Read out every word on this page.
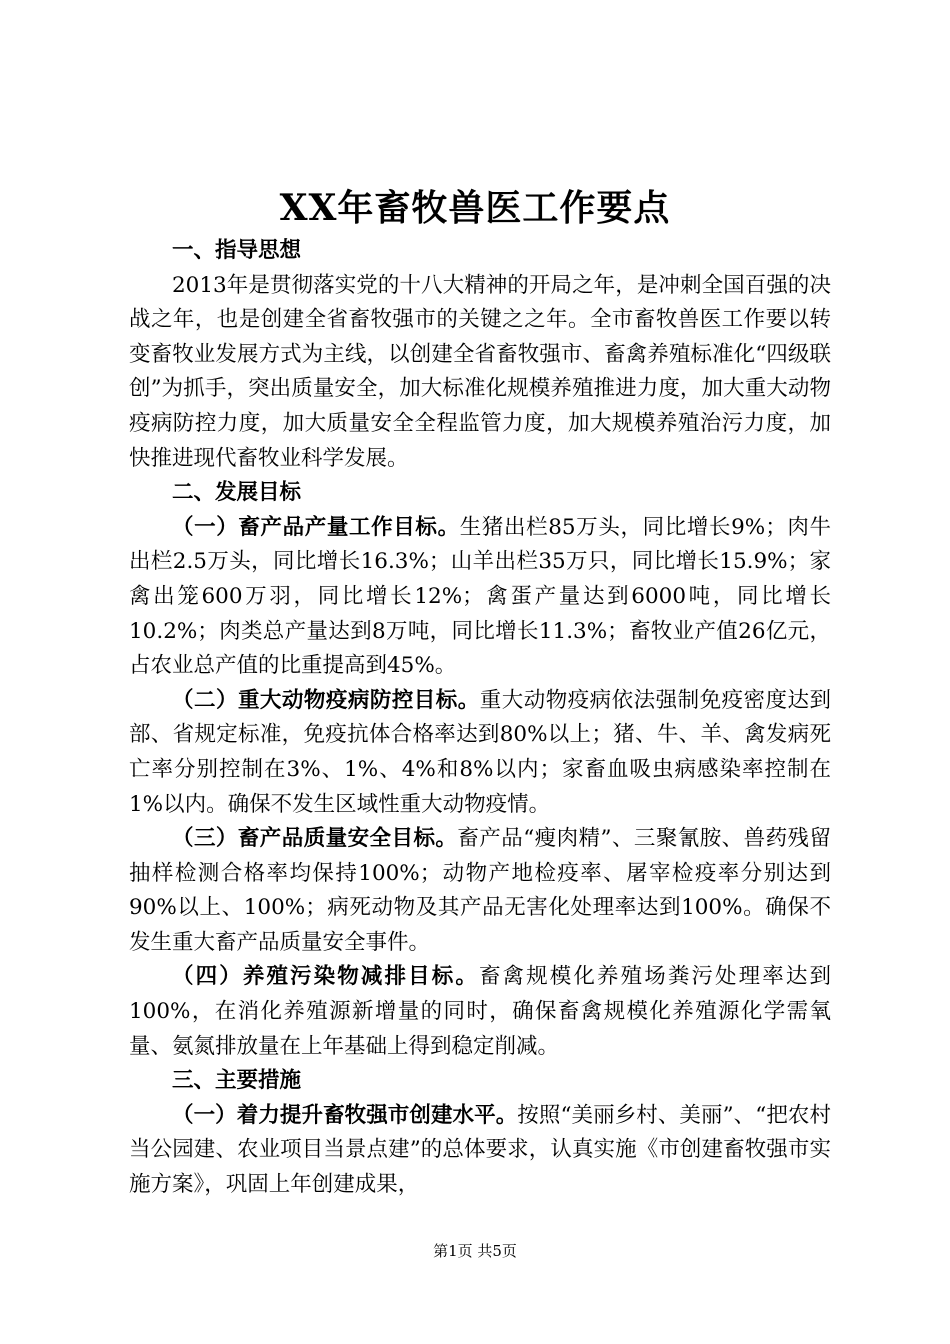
XX年畜牧兽医工作要点

一、指导思想

2013年是贯彻落实党的十八大精神的开局之年，是冲刺全国百强的决战之年，也是创建全省畜牧强市的关键之之年。全市畜牧兽医工作要以转变畜牧业发展方式为主线，以创建全省畜牧强市、畜禽养殖标准化“四级联创”为抓手，突出质量安全，加大标准化规模养殖推进力度，加大重大动物疫病防控力度，加大质量安全全程监管力度，加大规模养殖治污力度，加快推进现代畜牧业科学发展。

二、发展目标

（一）畜产品产量工作目标。生猪出栏85万头，同比增长9%；肉牛出栏2.5万头，同比增长16.3%；山羊出栏35万只，同比增长15.9%；家禽出笼600万羽，同比增长12%；禽蛋产量达到6000吨，同比增长10.2%；肉类总产量达到8万吨，同比增长11.3%；畜牧业产值26亿元，占农业总产值的比重提高到45%。

（二）重大动物疫病防控目标。重大动物疫病依法强制免疫密度达到部、省规定标准，免疫抗体合格率达到80%以上；猪、牛、羊、禽发病死亡率分别控制在3%、1%、4%和8%以内；家畜血吸虫病感染率控制在1%以内。确保不发生区域性重大动物疫情。

（三）畜产品质量安全目标。畜产品“瘦肉精”、三聚氰胺、兽药残留抽样检测合格率均保持100%；动物产地检疫率、屠宰检疫率分别达到90%以上、100%；病死动物及其产品无害化处理率达到100%。确保不发生重大畜产品质量安全事件。

（四）养殖污染物减排目标。畜禽规模化养殖场粪污处理率达到100%，在消化养殖源新增量的同时，确保畜禽规模化养殖源化学需氧量、氨氮排放量在上年基础上得到稳定削减。

三、主要措施

（一）着力提升畜牧强市创建水平。按照“美丽乡村、美丽”、“把农村当公园建、农业项目当景点建”的总体要求，认真实施《市创建畜牧强市实施方案》，巩固上年创建成果，

第1页 共5页
